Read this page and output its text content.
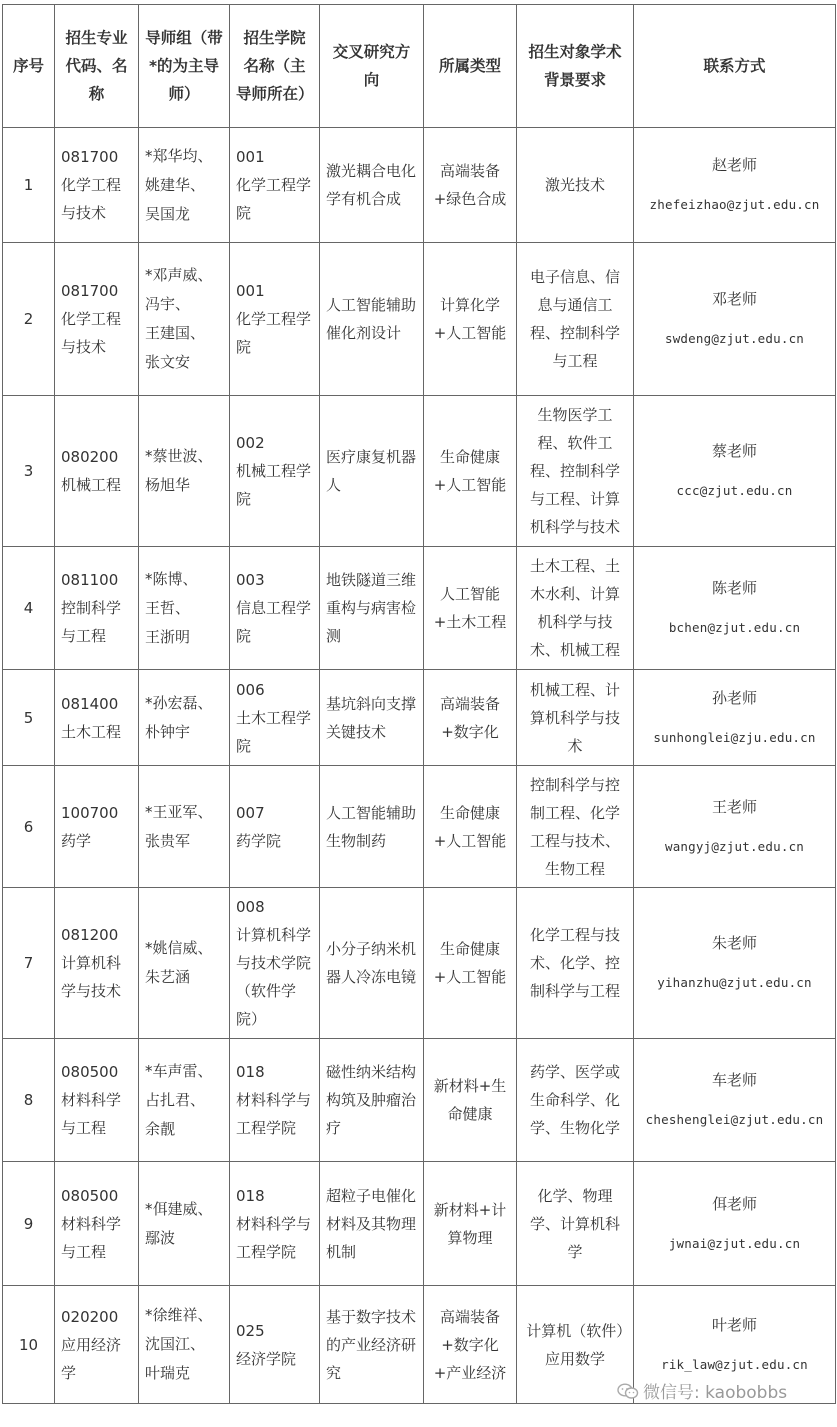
序号	招生专业代码、名称	导师组（带*的为主导师）	招生学院名称（主导师所在）	交叉研究方向	所属类型	招生对象学术背景要求	联系方式
1	081700
化学工程与技术	*郑华均、
姚建华、
吴国龙	001
化学工程学院	激光耦合电化学有机合成	高端装备+绿色合成	激光技术	赵老师
zhefeizhao@zjut.edu.cn

2	081700
化学工程与技术	*邓声威、
冯宇、
王建国、
张文安	001
化学工程学院	人工智能辅助催化剂设计	计算化学+人工智能	电子信息、信息与通信工程、控制科学与工程	邓老师
swdeng@zjut.edu.cn

3	080200
机械工程	*蔡世波、
杨旭华	002
机械工程学院	医疗康复机器人	生命健康+人工智能	生物医学工程、软件工程、控制科学与工程、计算机科学与技术	蔡老师
ccc@zjut.edu.cn

4	081100
控制科学与工程	*陈博、
王哲、
王浙明	003
信息工程学院	地铁隧道三维重构与病害检测	人工智能+土木工程	土木工程、土木水利、计算机科学与技术、机械工程	陈老师
bchen@zjut.edu.cn

5	081400
土木工程	*孙宏磊、
朴钟宇	006
土木工程学院	基坑斜向支撑关键技术	高端装备+数字化	机械工程、计算机科学与技术	孙老师
sunhonglei@zju.edu.cn

6	100700
药学	*王亚军、
张贵军	007
药学院	人工智能辅助生物制药	生命健康+人工智能	控制科学与控制工程、化学工程与技术、生物工程	王老师
wangyj@zjut.edu.cn

7	081200
计算机科学与技术	*姚信威、
朱艺涵	008
计算机科学与技术学院（软件学院）	小分子纳米机器人冷冻电镜	生命健康+人工智能	化学工程与技术、化学、控制科学与工程	朱老师
yihanzhu@zjut.edu.cn

8	080500
材料科学与工程	*车声雷、
占扎君、
余靓	018
材料科学与工程学院	磁性纳米结构构筑及肿瘤治疗	新材料+生命健康	药学、医学或生命科学、化学、生物化学	车老师
cheshenglei@zjut.edu.cn

9	080500
材料科学与工程	*佴建威、
鄢波	018
材料科学与工程学院	超粒子电催化材料及其物理机制	新材料+计算物理	化学、物理学、计算机科学	佴老师
jwnai@zjut.edu.cn

10	020200
应用经济学	*徐维祥、
沈国江、
叶瑞克	025
经济学院	基于数字技术的产业经济研究	高端装备+数字化+产业经济	计算机（软件）应用数学	叶老师
rik_law@zjut.edu.cn
微信号: kaobobbs
